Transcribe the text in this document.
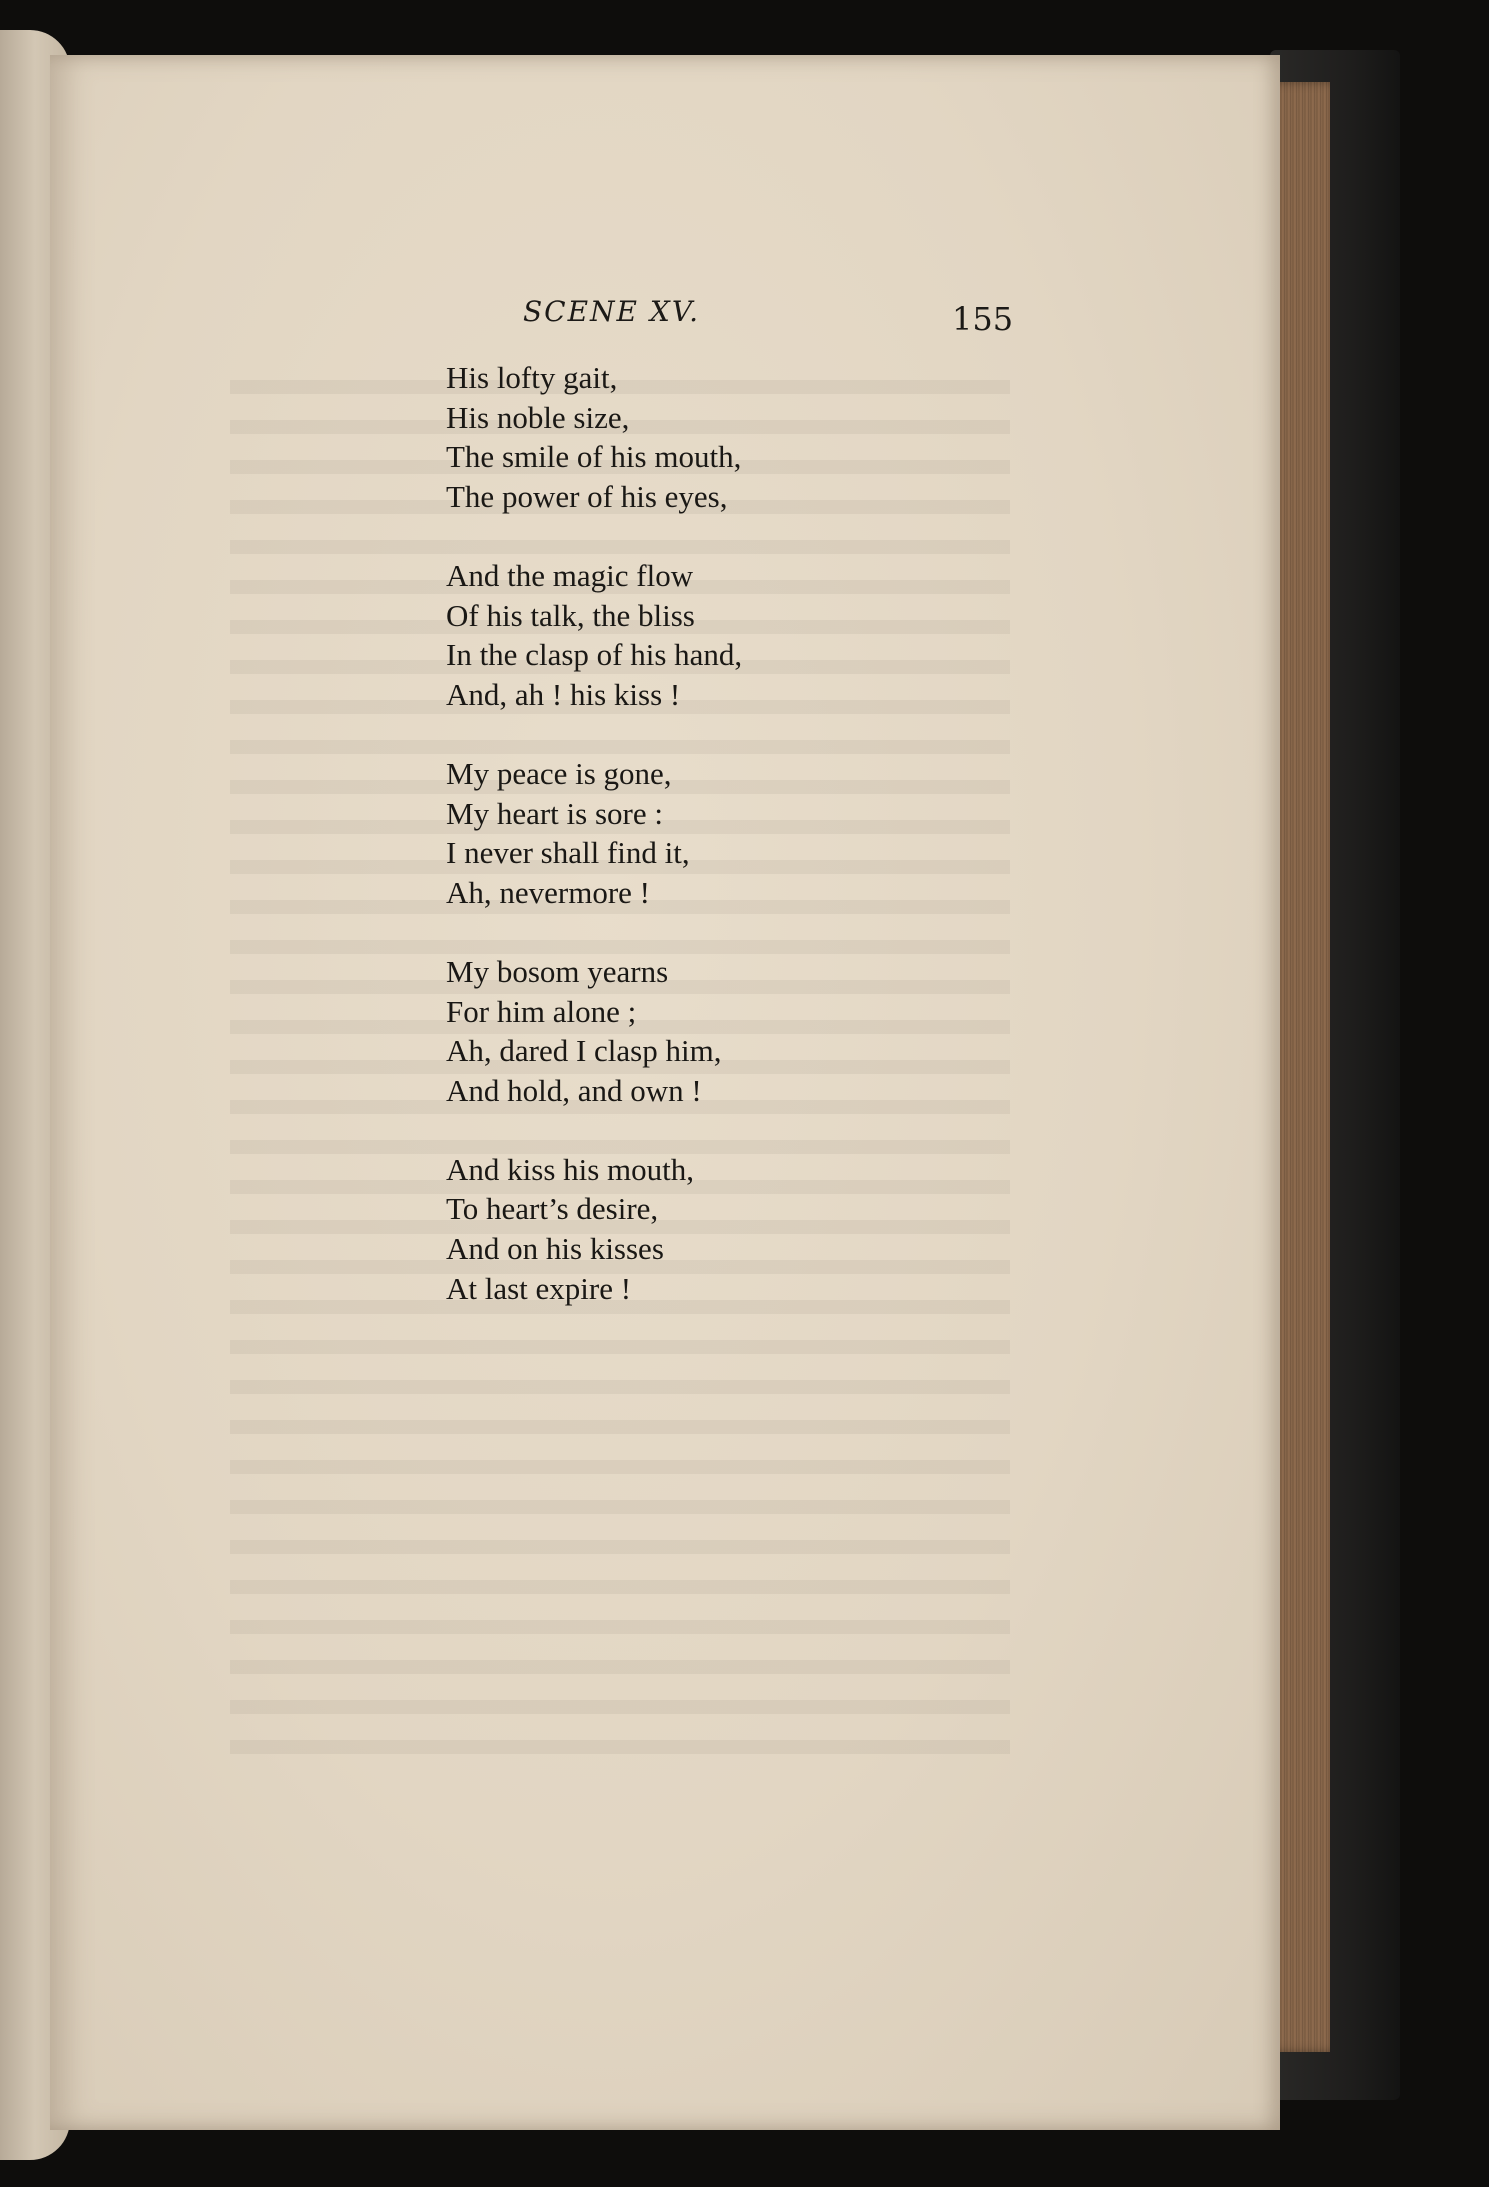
SCENE XV.	155
His lofty gait,
His noble size,
The smile of his mouth,
The power of his eyes,
And the magic flow
Of his talk, the bliss
In the clasp of his hand,
And, ah ! his kiss !
My peace is gone,
My heart is sore :
I never shall find it,
Ah, nevermore !
My bosom yearns
For him alone ;
Ah, dared I clasp him,
And hold, and own !
And kiss his mouth,
To heart’s desire,
And on his kisses
At last expire !
